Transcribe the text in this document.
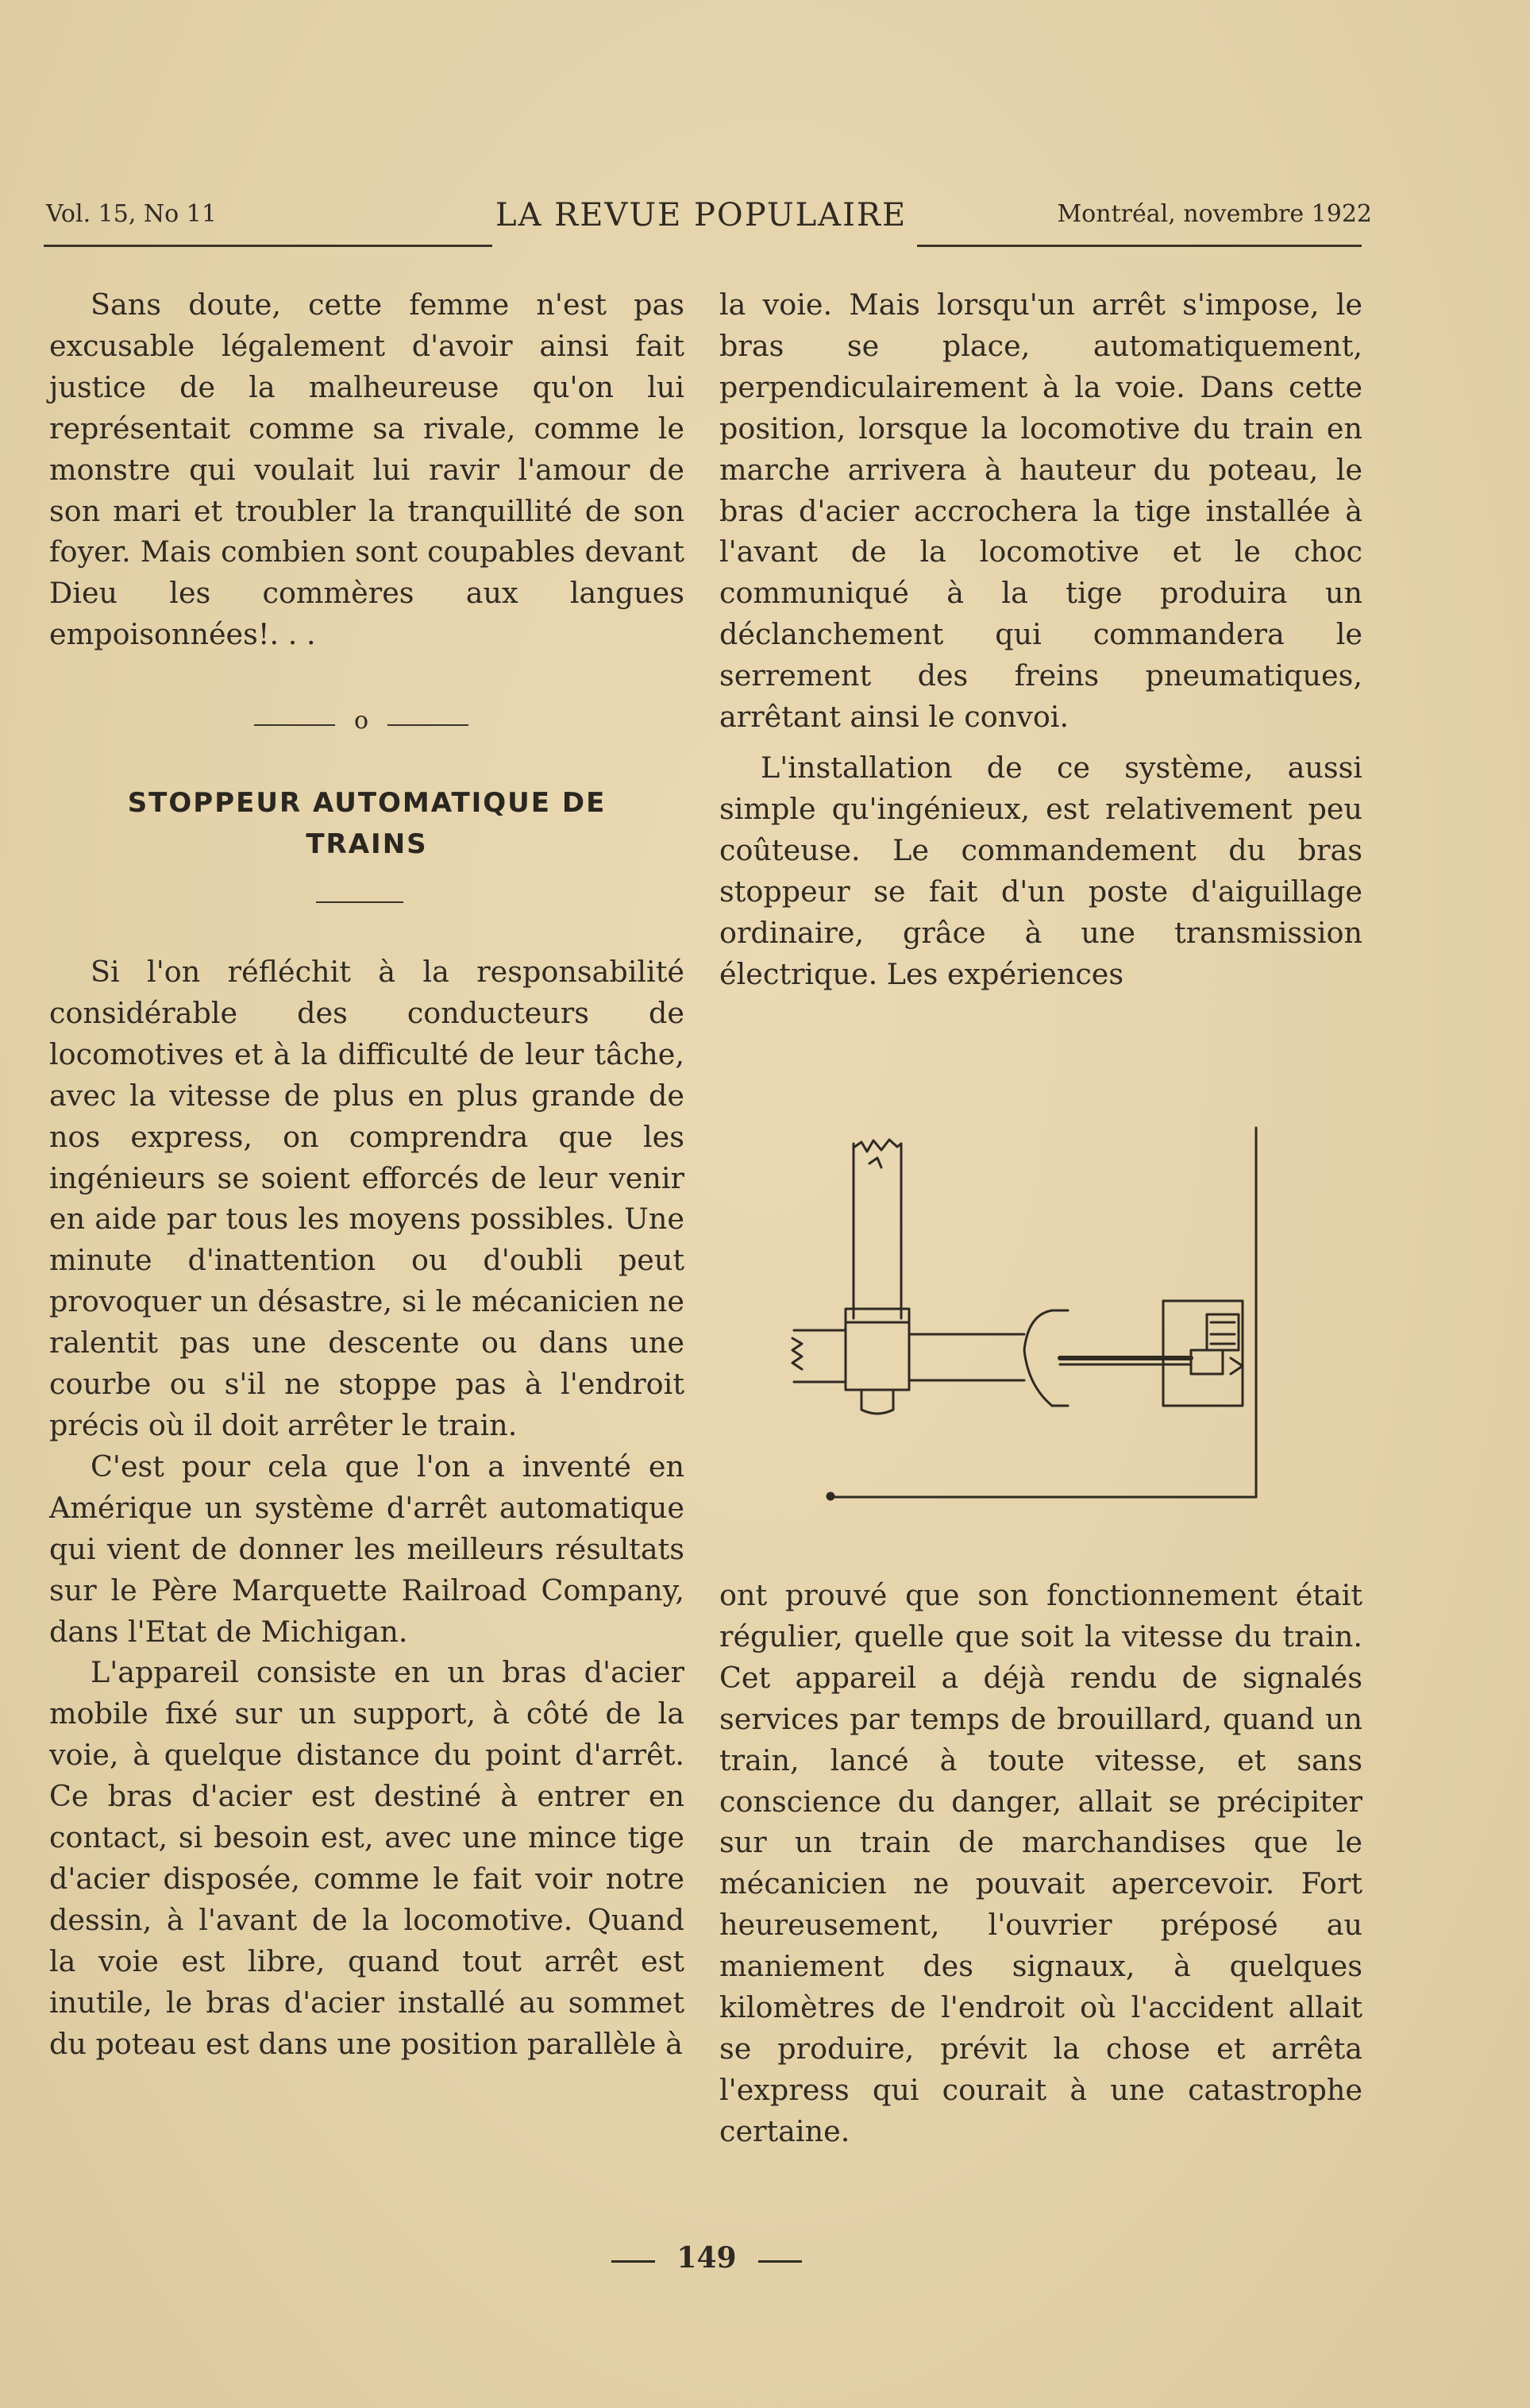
Vol. 15, No 11	LA REVUE POPULAIRE	Montréal, novembre 1922

Sans doute, cette femme n'est pas excusable légalement d'avoir ainsi fait justice de la malheureuse qu'on lui représentait comme sa rivale, comme le monstre qui voulait lui ravir l'amour de son mari et troubler la tranquillité de son foyer. Mais combien sont coupables devant Dieu les commères aux langues empoisonnées!. . .

o
STOPPEUR AUTOMATIQUE DE
TRAINS

Si l'on réfléchit à la responsabilité considérable des conducteurs de locomotives et à la difficulté de leur tâche, avec la vitesse de plus en plus grande de nos express, on comprendra que les ingénieurs se soient efforcés de leur venir en aide par tous les moyens possibles. Une minute d'inattention ou d'oubli peut provoquer un désastre, si le mécanicien ne ralentit pas une descente ou dans une courbe ou s'il ne stoppe pas à l'endroit précis où il doit arrêter le train.

C'est pour cela que l'on a inventé en Amérique un système d'arrêt automatique qui vient de donner les meilleurs résultats sur le Père Marquette Railroad Company, dans l'Etat de Michigan.

L'appareil consiste en un bras d'acier mobile fixé sur un support, à côté de la voie, à quelque distance du point d'arrêt. Ce bras d'acier est destiné à entrer en contact, si besoin est, avec une mince tige d'acier disposée, comme le fait voir notre dessin, à l'avant de la locomotive. Quand la voie est libre, quand tout arrêt est inutile, le bras d'acier installé au sommet du poteau est dans une position parallèle à

la voie. Mais lorsqu'un arrêt s'impose, le bras se place, automatiquement, perpendiculairement à la voie. Dans cette position, lorsque la locomotive du train en marche arrivera à hauteur du poteau, le bras d'acier accrochera la tige installée à l'avant de la locomotive et le choc communiqué à la tige produira un déclanchement qui commandera le serrement des freins pneumatiques, arrêtant ainsi le convoi.

L'installation de ce système, aussi simple qu'ingénieux, est relativement peu coûteuse. Le commandement du bras stoppeur se fait d'un poste d'aiguillage ordinaire, grâce à une transmission électrique. Les expériences

ont prouvé que son fonctionnement était régulier, quelle que soit la vitesse du train. Cet appareil a déjà rendu de signalés services par temps de brouillard, quand un train, lancé à toute vitesse, et sans conscience du danger, allait se précipiter sur un train de marchandises que le mécanicien ne pouvait apercevoir. Fort heureusement, l'ouvrier préposé au maniement des signaux, à quelques kilomètres de l'endroit où l'accident allait se produire, prévit la chose et arrêta l'express qui courait à une catastrophe certaine.

149
